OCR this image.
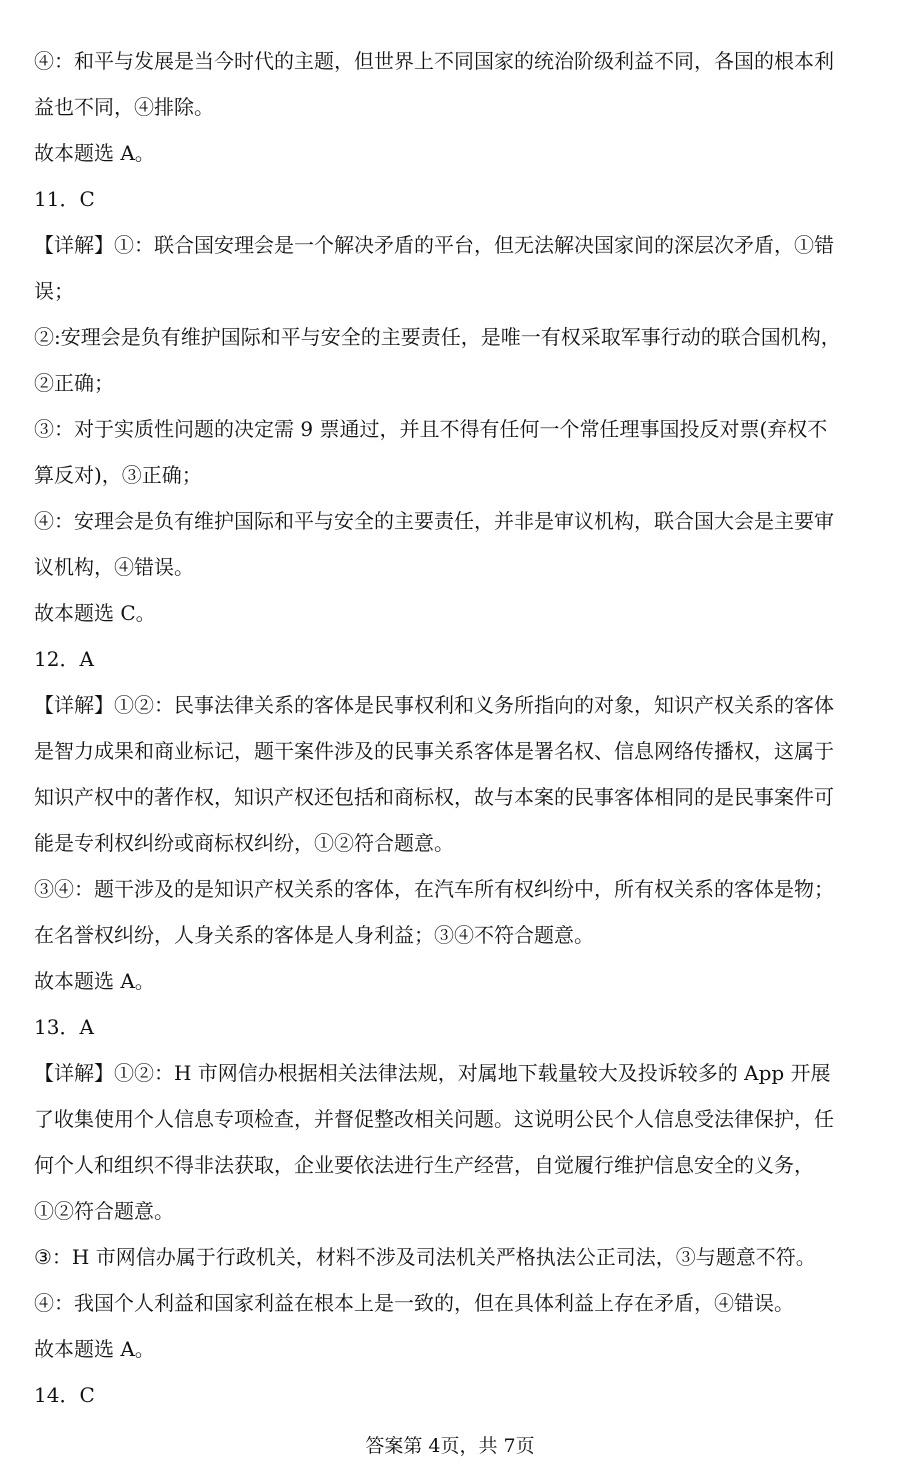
④：和平与发展是当今时代的主题，但世界上不同国家的统治阶级利益不同，各国的根本利
益也不同，④排除。
故本题选 A。
11．C
【详解】①：联合国安理会是一个解决矛盾的平台，但无法解决国家间的深层次矛盾，①错
误；
②:安理会是负有维护国际和平与安全的主要责任，是唯一有权采取军事行动的联合国机构，
②正确；
③：对于实质性问题的决定需 9 票通过，并且不得有任何一个常任理事国投反对票(弃权不
算反对)，③正确；
④：安理会是负有维护国际和平与安全的主要责任，并非是审议机构，联合国大会是主要审
议机构，④错误。
故本题选 C。
12．A
【详解】①②：民事法律关系的客体是民事权利和义务所指向的对象，知识产权关系的客体
是智力成果和商业标记，题干案件涉及的民事关系客体是署名权、信息网络传播权，这属于
知识产权中的著作权，知识产权还包括和商标权，故与本案的民事客体相同的是民事案件可
能是专利权纠纷或商标权纠纷，①②符合题意。
③④：题干涉及的是知识产权关系的客体，在汽车所有权纠纷中，所有权关系的客体是物；
在名誉权纠纷，人身关系的客体是人身利益；③④不符合题意。
故本题选 A。
13．A
【详解】①②：H 市网信办根据相关法律法规，对属地下载量较大及投诉较多的 App 开展
了收集使用个人信息专项检查，并督促整改相关问题。这说明公民个人信息受法律保护，任
何个人和组织不得非法获取，企业要依法进行生产经营，自觉履行维护信息安全的义务，
①②符合题意。
③：H 市网信办属于行政机关，材料不涉及司法机关严格执法公正司法，③与题意不符。
④：我国个人利益和国家利益在根本上是一致的，但在具体利益上存在矛盾，④错误。
故本题选 A。
14．C
答案第 4页，共 7页
